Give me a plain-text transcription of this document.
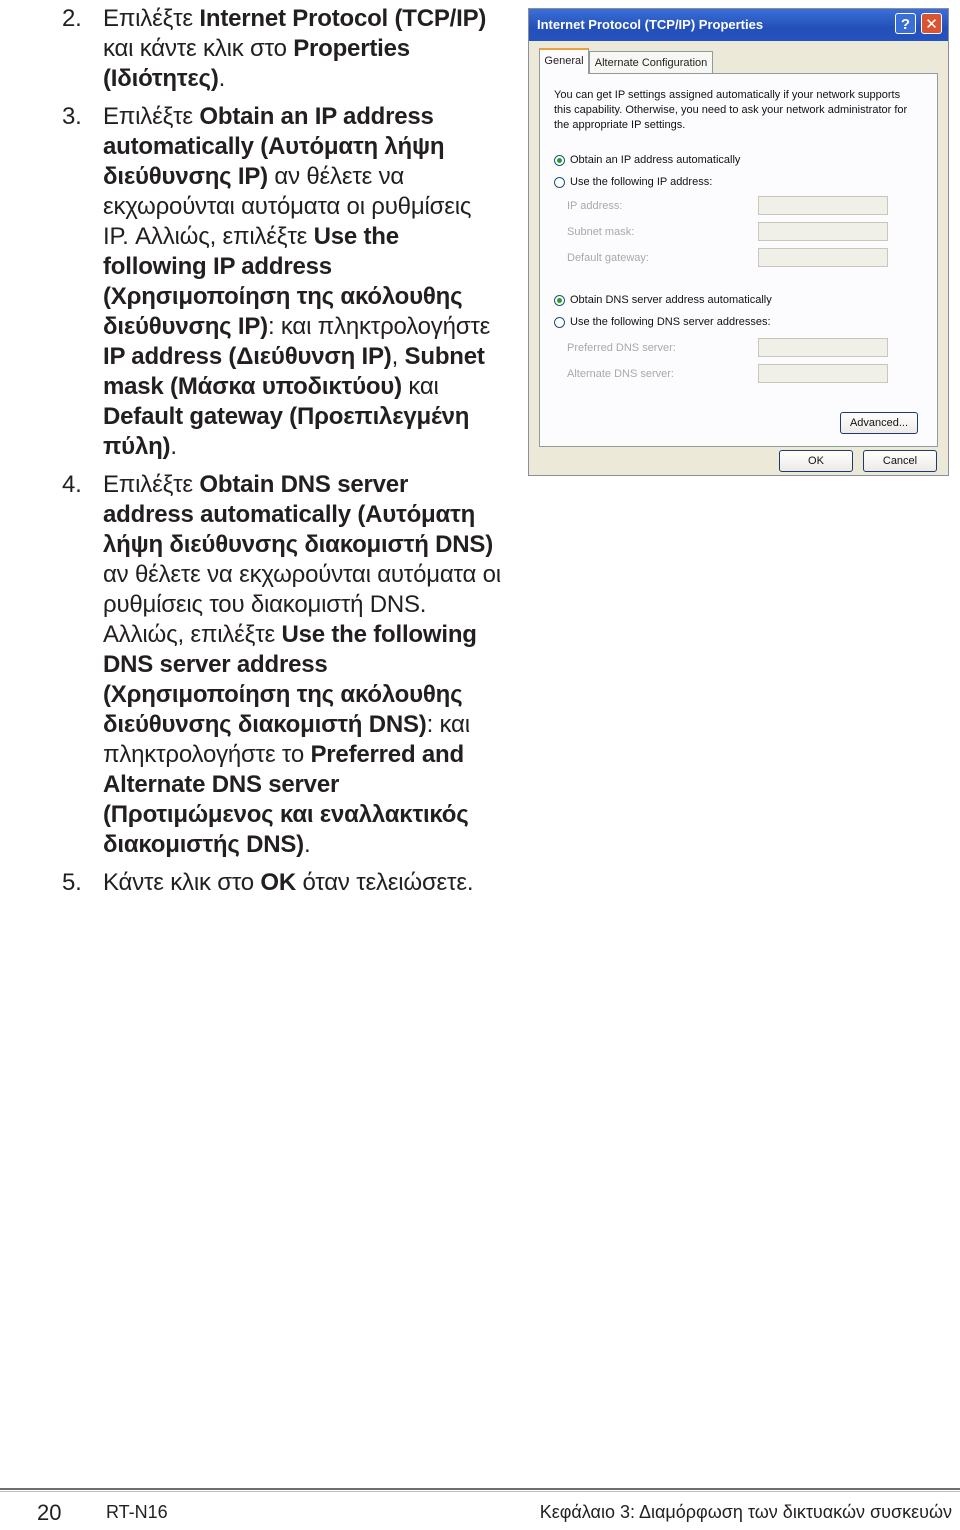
2. Επιλέξτε Internet Protocol (TCP/IP) και κάντε κλικ στο Properties (Ιδιότητες).
3. Επιλέξτε Obtain an IP address automatically (Αυτόματη λήψη διεύθυνσης IP) αν θέλετε να εκχωρούνται αυτόματα οι ρυθμίσεις IP. Αλλιώς, επιλέξτε Use the following IP address (Χρησιμοποίηση της ακόλουθης διεύθυνσης IP): και πληκτρολογήστε IP address (Διεύθυνση IP), Subnet mask (Μάσκα υποδικτύου) και Default gateway (Προεπιλεγμένη πύλη).
4. Επιλέξτε Obtain DNS server address automatically (Αυτόματη λήψη διεύθυνσης διακομιστή DNS) αν θέλετε να εκχωρούνται αυτόματα οι ρυθμίσεις του διακομιστή DNS. Αλλιώς, επιλέξτε Use the following DNS server address (Χρησιμοποίηση της ακόλουθης διεύθυνσης διακομιστή DNS): και πληκτρολογήστε το Preferred and Alternate DNS server (Προτιμώμενος και εναλλακτικός διακομιστής DNS).
5. Κάντε κλικ στο OK όταν τελειώσετε.
Internet Protocol (TCP/IP) Properties	?	✕
General	Alternate Configuration
You can get IP settings assigned automatically if your network supports this capability. Otherwise, you need to ask your network administrator for the appropriate IP settings.
Obtain an IP address automatically
Use the following IP address:
IP address:
Subnet mask:
Default gateway:
Obtain DNS server address automatically
Use the following DNS server addresses:
Preferred DNS server:
Alternate DNS server:
Advanced...
OK	Cancel
20 RT-N16	Κεφάλαιο 3: Διαμόρφωση των δικτυακών συσκευών
